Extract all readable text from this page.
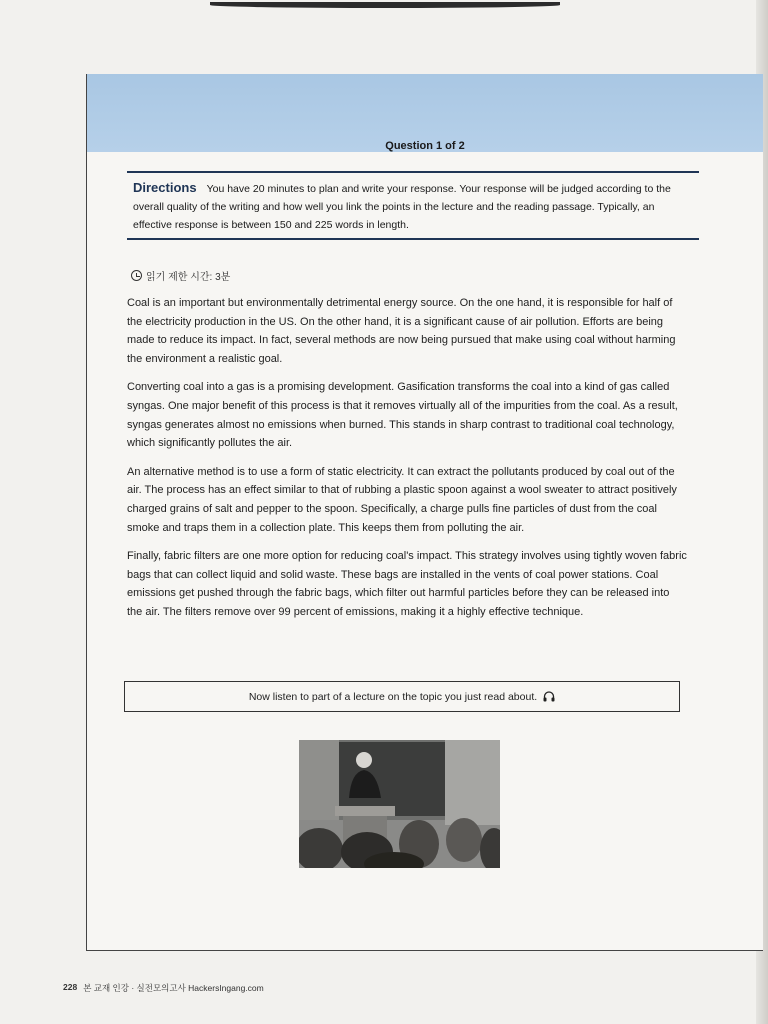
Question 1 of 2
Directions You have 20 minutes to plan and write your response. Your response will be judged according to the overall quality of the writing and how well you link the points in the lecture and the reading passage. Typically, an effective response is between 150 and 225 words in length.
읽기 제한 시간: 3분

Coal is an important but environmentally detrimental energy source. On the one hand, it is responsible for half of the electricity production in the US. On the other hand, it is a significant cause of air pollution. Efforts are being made to reduce its impact. In fact, several methods are now being pursued that make using coal without harming the environment a realistic goal.

Converting coal into a gas is a promising development. Gasification transforms the coal into a kind of gas called syngas. One major benefit of this process is that it removes virtually all of the impurities from the coal. As a result, syngas generates almost no emissions when burned. This stands in sharp contrast to traditional coal technology, which significantly pollutes the air.

An alternative method is to use a form of static electricity. It can extract the pollutants produced by coal out of the air. The process has an effect similar to that of rubbing a plastic spoon against a wool sweater to attract positively charged grains of salt and pepper to the spoon. Specifically, a charge pulls fine particles of dust from the coal smoke and traps them in a collection plate. This keeps them from polluting the air.

Finally, fabric filters are one more option for reducing coal's impact. This strategy involves using tightly woven fabric bags that can collect liquid and solid waste. These bags are installed in the vents of coal power stations. Coal emissions get pushed through the fabric bags, which filter out harmful particles before they can be released into the air. The filters remove over 99 percent of emissions, making it a highly effective technique.

Now listen to part of a lecture on the topic you just read about.
228 본 교재 인강 · 실전모의고사 HackersIngang.com
